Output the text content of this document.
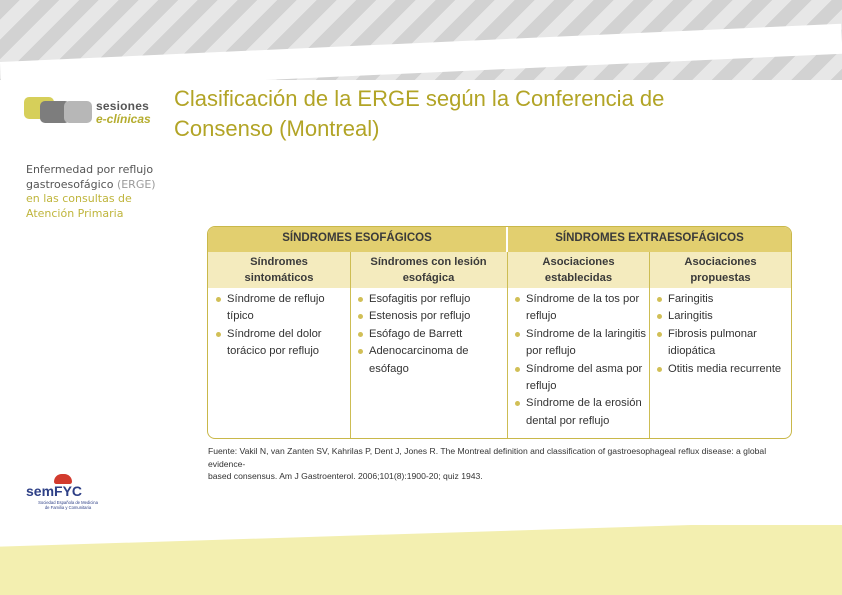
sesiones
e-clínicas
Enfermedad por reflujo
gastroesofágico (ERGE)
en las consultas de
Atención Primaria
Clasificación de la ERGE según la Conferencia de
Consenso (Montreal)
SÍNDROMES ESOFÁGICOS	SÍNDROMES EXTRAESOFÁGICOS
Síndromes
sintomáticos
Síndromes con lesión
esofágica
Asociaciones
establecidas
Asociaciones
propuestas
Síndrome de reflujo
típico
Síndrome del dolor
torácico por reflujo
Esofagitis por reflujo
Estenosis por reflujo
Esófago de Barrett
Adenocarcinoma de
esófago
Síndrome de la tos por
reflujo
Síndrome de la laringitis
por reflujo
Síndrome del asma por
reflujo
Síndrome de la erosión
dental por reflujo
Faringitis
Laringitis
Fibrosis pulmonar
idiopática
Otitis media recurrente
Fuente: Vakil N, van Zanten SV, Kahrilas P, Dent J, Jones R. The Montreal definition and classification of gastroesophageal reflux disease: a global evidence-
based consensus. Am J Gastroenterol. 2006;101(8):1900-20; quiz 1943.
semFYC
Sociedad Española de Medicina
de Familia y Comunitaria
